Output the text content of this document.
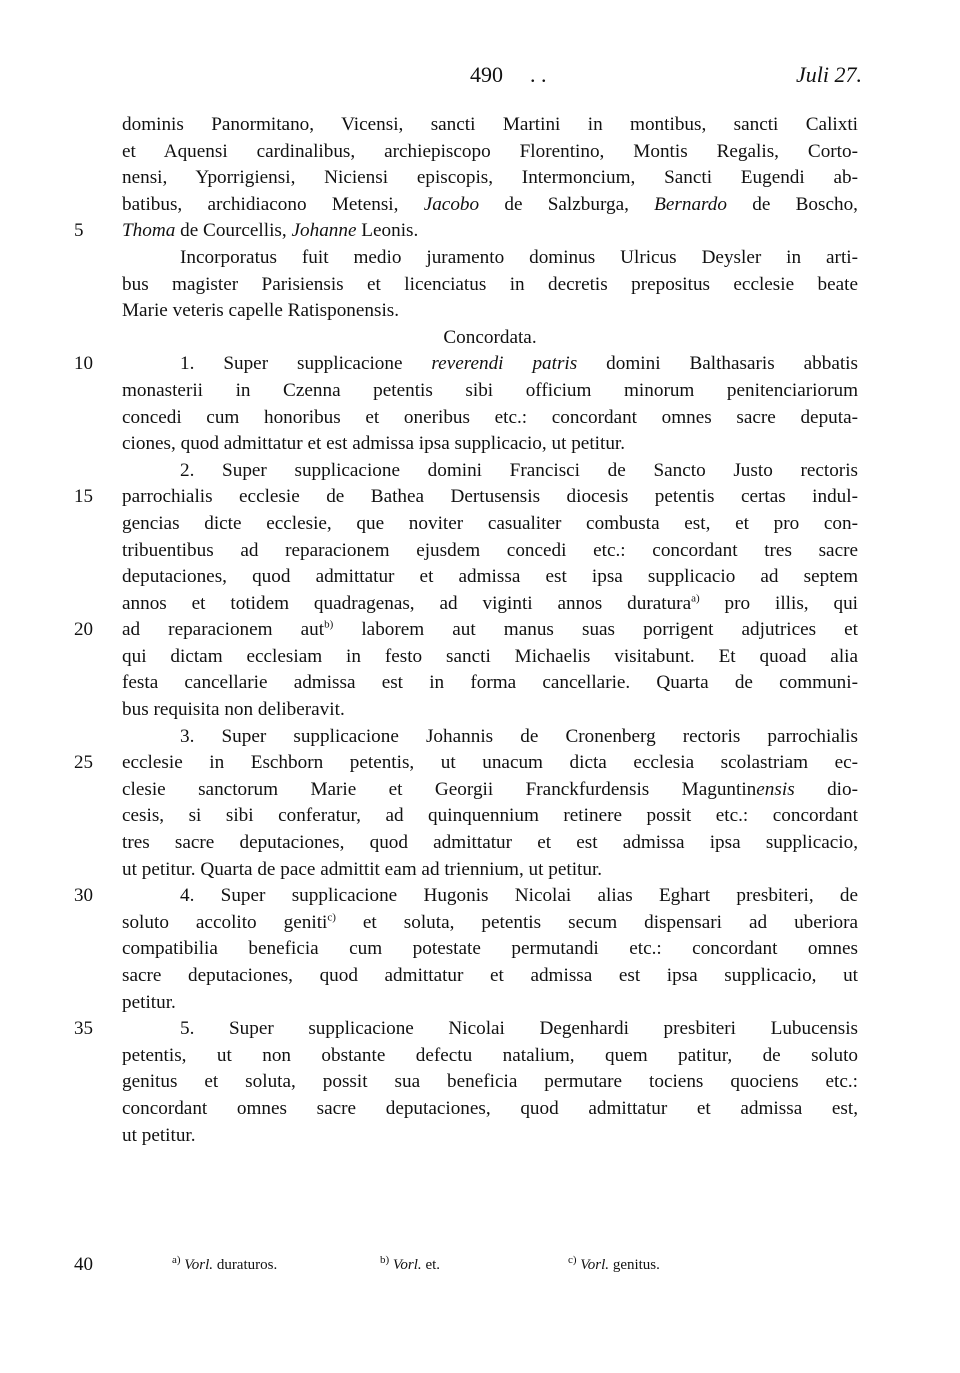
490 . .	Juli 27.
dominis Panormitano, Vicensi, sancti Martini in montibus, sancti Calixti
et Aquensi cardinalibus, archiepiscopo Florentino, Montis Regalis, Corto-
nensi, Yporrigiensi, Niciensi episcopis, Intermoncium, Sancti Eugendi ab-
batibus, archidiacono Metensi, Jacobo de Salzburga, Bernardo de Boscho,
5	Thoma de Courcellis, Johanne Leonis.
Incorporatus fuit medio juramento dominus Ulricus Deysler in arti-
bus magister Parisiensis et licenciatus in decretis prepositus ecclesie beate
Marie veteris capelle Ratisponensis.
Concordata.
10	1. Super supplicacione reverendi patris domini Balthasaris abbatis
monasterii in Czenna petentis sibi officium minorum penitenciariorum
concedi cum honoribus et oneribus etc.: concordant omnes sacre deputa-
ciones, quod admittatur et est admissa ipsa supplicacio, ut petitur.
2. Super supplicacione domini Francisci de Sancto Justo rectoris
15	parrochialis ecclesie de Bathea Dertusensis diocesis petentis certas indul-
gencias dicte ecclesie, que noviter casualiter combusta est, et pro con-
tribuentibus ad reparacionem ejusdem concedi etc.: concordant tres sacre
deputaciones, quod admittatur et admissa est ipsa supplicacio ad septem
annos et totidem quadragenas, ad viginti annos duratura$^{a)}$ pro illis, qui
20	ad reparacionem aut$^{b)}$ laborem aut manus suas porrigent adjutrices et
qui dictam ecclesiam in festo sancti Michaelis visitabunt. Et quoad alia
festa cancellarie admissa est in forma cancellarie. Quarta de communi-
bus requisita non deliberavit.
3. Super supplicacione Johannis de Cronenberg rectoris parrochialis
25	ecclesie in Eschborn petentis, ut unacum dicta ecclesia scolastriam ec-
clesie sanctorum Marie et Georgii Franckfurdensis Maguntinensis dio-
cesis, si sibi conferatur, ad quinquennium retinere possit etc.: concordant
tres sacre deputaciones, quod admittatur et est admissa ipsa supplicacio,
ut petitur. Quarta de pace admittit eam ad triennium, ut petitur.
30	4. Super supplicacione Hugonis Nicolai alias Eghart presbiteri, de
soluto accolito geniti$^{c)}$ et soluta, petentis secum dispensari ad uberiora
compatibilia beneficia cum potestate permutandi etc.: concordant omnes
sacre deputaciones, quod admittatur et admissa est ipsa supplicacio, ut
petitur.
35	5. Super supplicacione Nicolai Degenhardi presbiteri Lubucensis
petentis, ut non obstante defectu natalium, quem patitur, de soluto
genitus et soluta, possit sua beneficia permutare tociens quociens etc.:
concordant omnes sacre deputaciones, quod admittatur et admissa est,
ut petitur.
40	$^{a)}$ Vorl. duraturos.	$^{b)}$ Vorl. et.	$^{c)}$ Vorl. genitus.
